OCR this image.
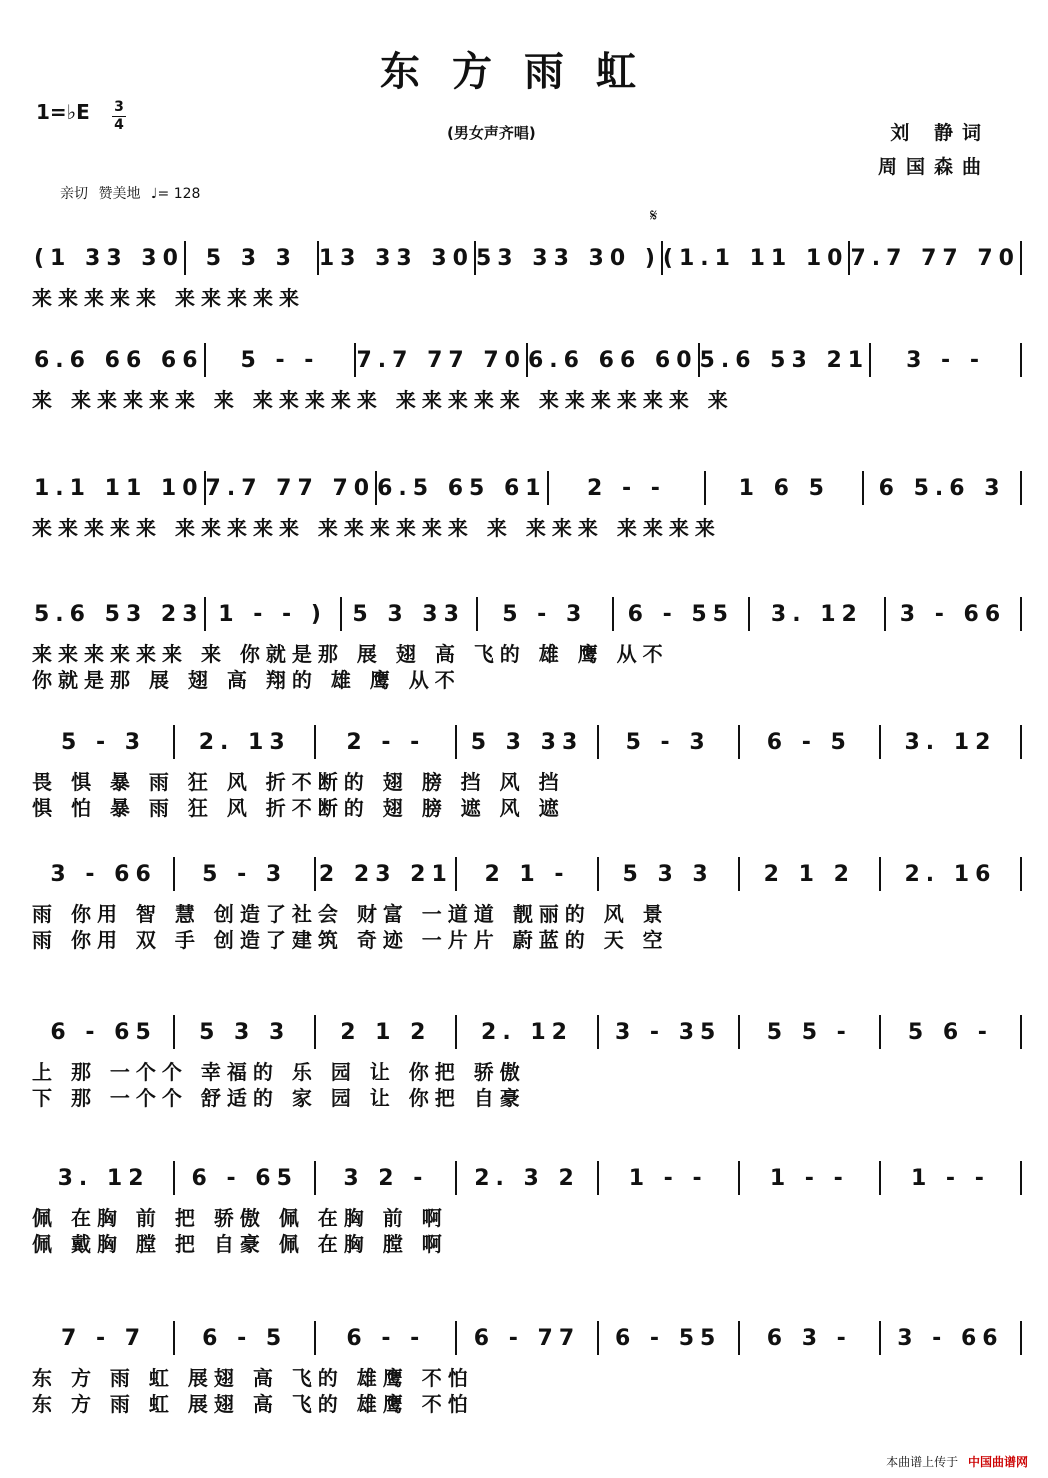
东方雨虹
1=♭E 3
4	(男女声齐唱)	刘 静词
周国森曲
亲切 赞美地 ♩= 128
𝄋
(1 33 30 5 3 3 13 33 30 53 33 30 ) (1.1 11 10 7.7 77 70
来来来来来 来来来来来
6.6 66 66	5 - -	7.7 77 70 6.6 66 60 5.6 53 21	3 - -
来 来来来来来 来 来来来来来 来来来来来 来来来来来来 来
1.1 11 10 7.7 77 70 6.5 65 61	2 - -	1 6 5	6 5.6 3
来来来来来 来来来来来 来来来来来来 来 来来来 来来来来
5.6 53 23 1 - - )	5 3 33	5 - 3	6 - 55	3. 12	3 - 66
来来来来来来 来 你就是那 展 翅 高 飞的 雄 鹰 从不
你就是那 展 翅 高 翔的 雄 鹰 从不
5 - 3	2. 13	2 - -	5 3 33	5 - 3	6 - 5	3. 12
畏 惧 暴 雨 狂 风 折不断的 翅 膀 挡 风 挡
惧 怕 暴 雨 狂 风 折不断的 翅 膀 遮 风 遮
3 - 66	5 - 3	2 23 21	2 1 -	5 3 3	2 1 2	2. 16
雨 你用 智 慧 创造了社会 财富 一道道 靓丽的 风 景
雨 你用 双 手 创造了建筑 奇迹 一片片 蔚蓝的 天 空
6 - 65	5 3 3	2 1 2	2. 12	3 - 35	5 5 -	5 6 -
上 那 一个个 幸福的 乐 园 让 你把 骄傲
下 那 一个个 舒适的 家 园 让 你把 自豪
3. 12	6 - 65	3 2 -	2. 3 2	1 - -	1 - -	1 - -
佩 在胸 前 把 骄傲 佩 在胸 前 啊
佩 戴胸 膛 把 自豪 佩 在胸 膛 啊
7 - 7	6 - 5	6 - -	6 - 77	6 - 55	6 3 -	3 - 66
东 方 雨 虹 展翅 高 飞的 雄鹰 不怕
东 方 雨 虹 展翅 高 飞的 雄鹰 不怕
本曲谱上传于 中国曲谱网
